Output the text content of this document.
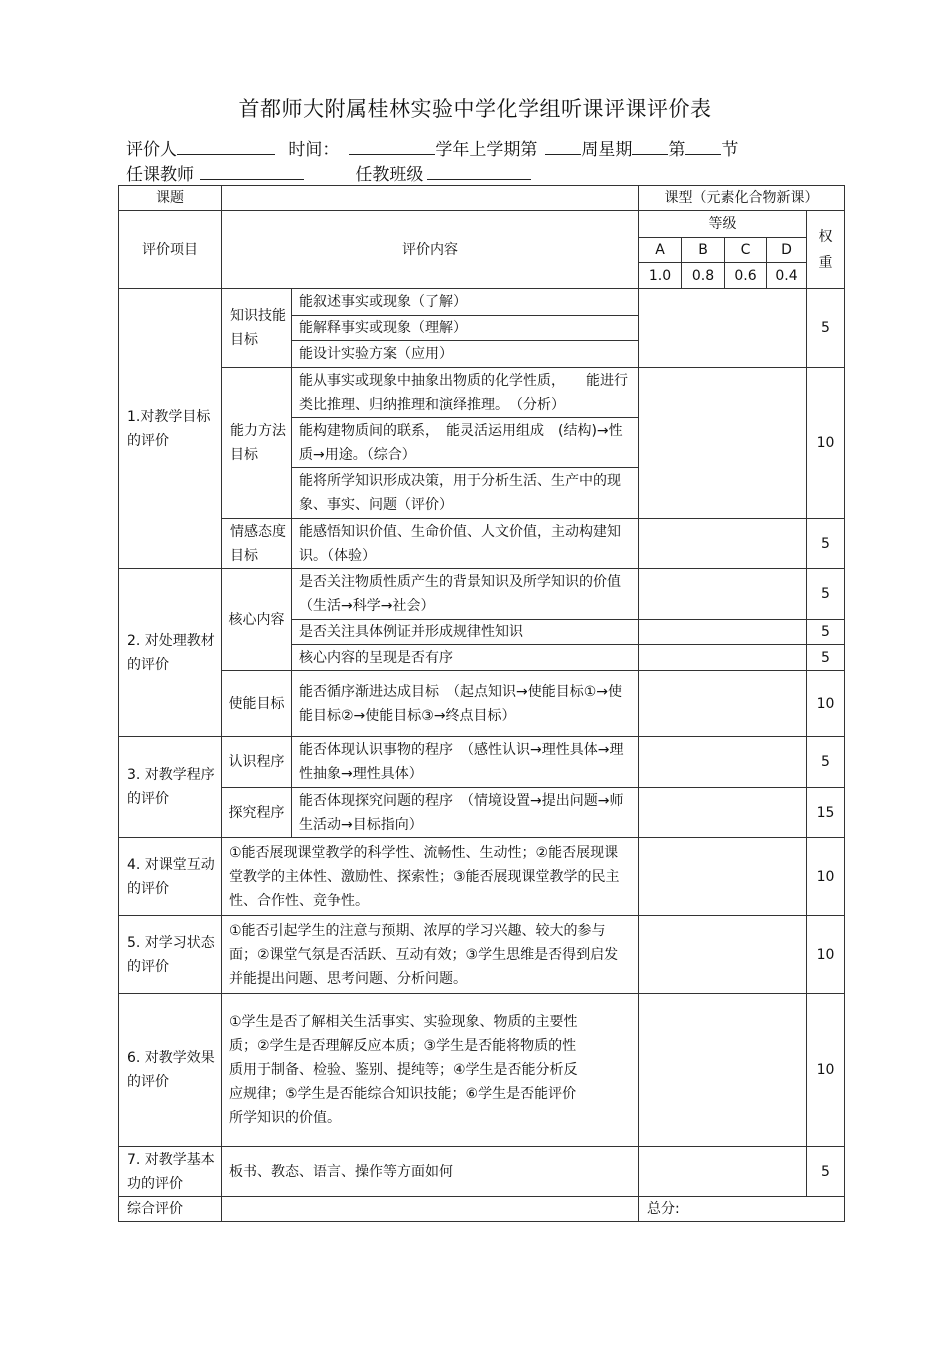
首都师大附属桂林实验中学化学组听课评课评价表
评价人	时间：	学年上学期第	周星期 第 节
任课教师	任教班级
课题			课型（元素化合物新课）				
评价项目	评价内容		等级				权重
			A	B	C	D	
			1.0	0.8	0.6	0.4	
1.对教学目标的评价	知识技能目标	能叙述事实或现象（了解）					5
		能解释事实或现象（理解）					
		能设计实验方案（应用）					
	能力方法目标	能从事实或现象中抽象出物质的化学性质，　　能进行类比推理、归纳推理和演绎推理。　（分析）					10
		能构建物质间的联系，　能灵活运用组成　(结构)→性质→用途。（综合）					
		能将所学知识形成决策，用于分析生活、生产中的现象、事实、问题（评价）					
	情感态度目标	能感悟知识价值、生命价值、人文价值，主动构建知识。（体验）					5
2. 对处理教材的评价	核心内容	是否关注物质性质产生的背景知识及所学知识的价值（生活→科学→社会）					5
		是否关注具体例证并形成规律性知识					5
		核心内容的呈现是否有序					5
	使能目标	能否循序渐进达成目标　（起点知识→使能目标①→使能目标②→使能目标③→终点目标）					10
3. 对教学程序的评价	认识程序	能否体现认识事物的程序　（感性认识→理性具体→理性抽象→理性具体）					5
	探究程序	能否体现探究问题的程序　（情境设置→提出问题→师生活动→目标指向）					15
4. 对课堂互动的评价	①能否展现课堂教学的科学性、流畅性、生动性；②能否展现课堂教学的主体性、激励性、探索性；③能否展现课堂教学的民主性、合作性、竞争性。						10
5. 对学习状态的评价	①能否引起学生的注意与预期、浓厚的学习兴趣、较大的参与面；②课堂气氛是否活跃、互动有效；③学生思维是否得到启发并能提出问题、思考问题、分析问题。						10
6. 对教学效果的评价	①学生是否了解相关生活事实、实验现象、物质的主要性质；②学生是否理解反应本质；③学生是否能将物质的性质用于制备、检验、鉴别、提纯等；④学生是否能分析反应规律；⑤学生是否能综合知识技能；⑥学生是否能评价所学知识的价值。						10
7. 对教学基本功的评价	板书、教态、语言、操作等方面如何						5
综合评价			总分:				
